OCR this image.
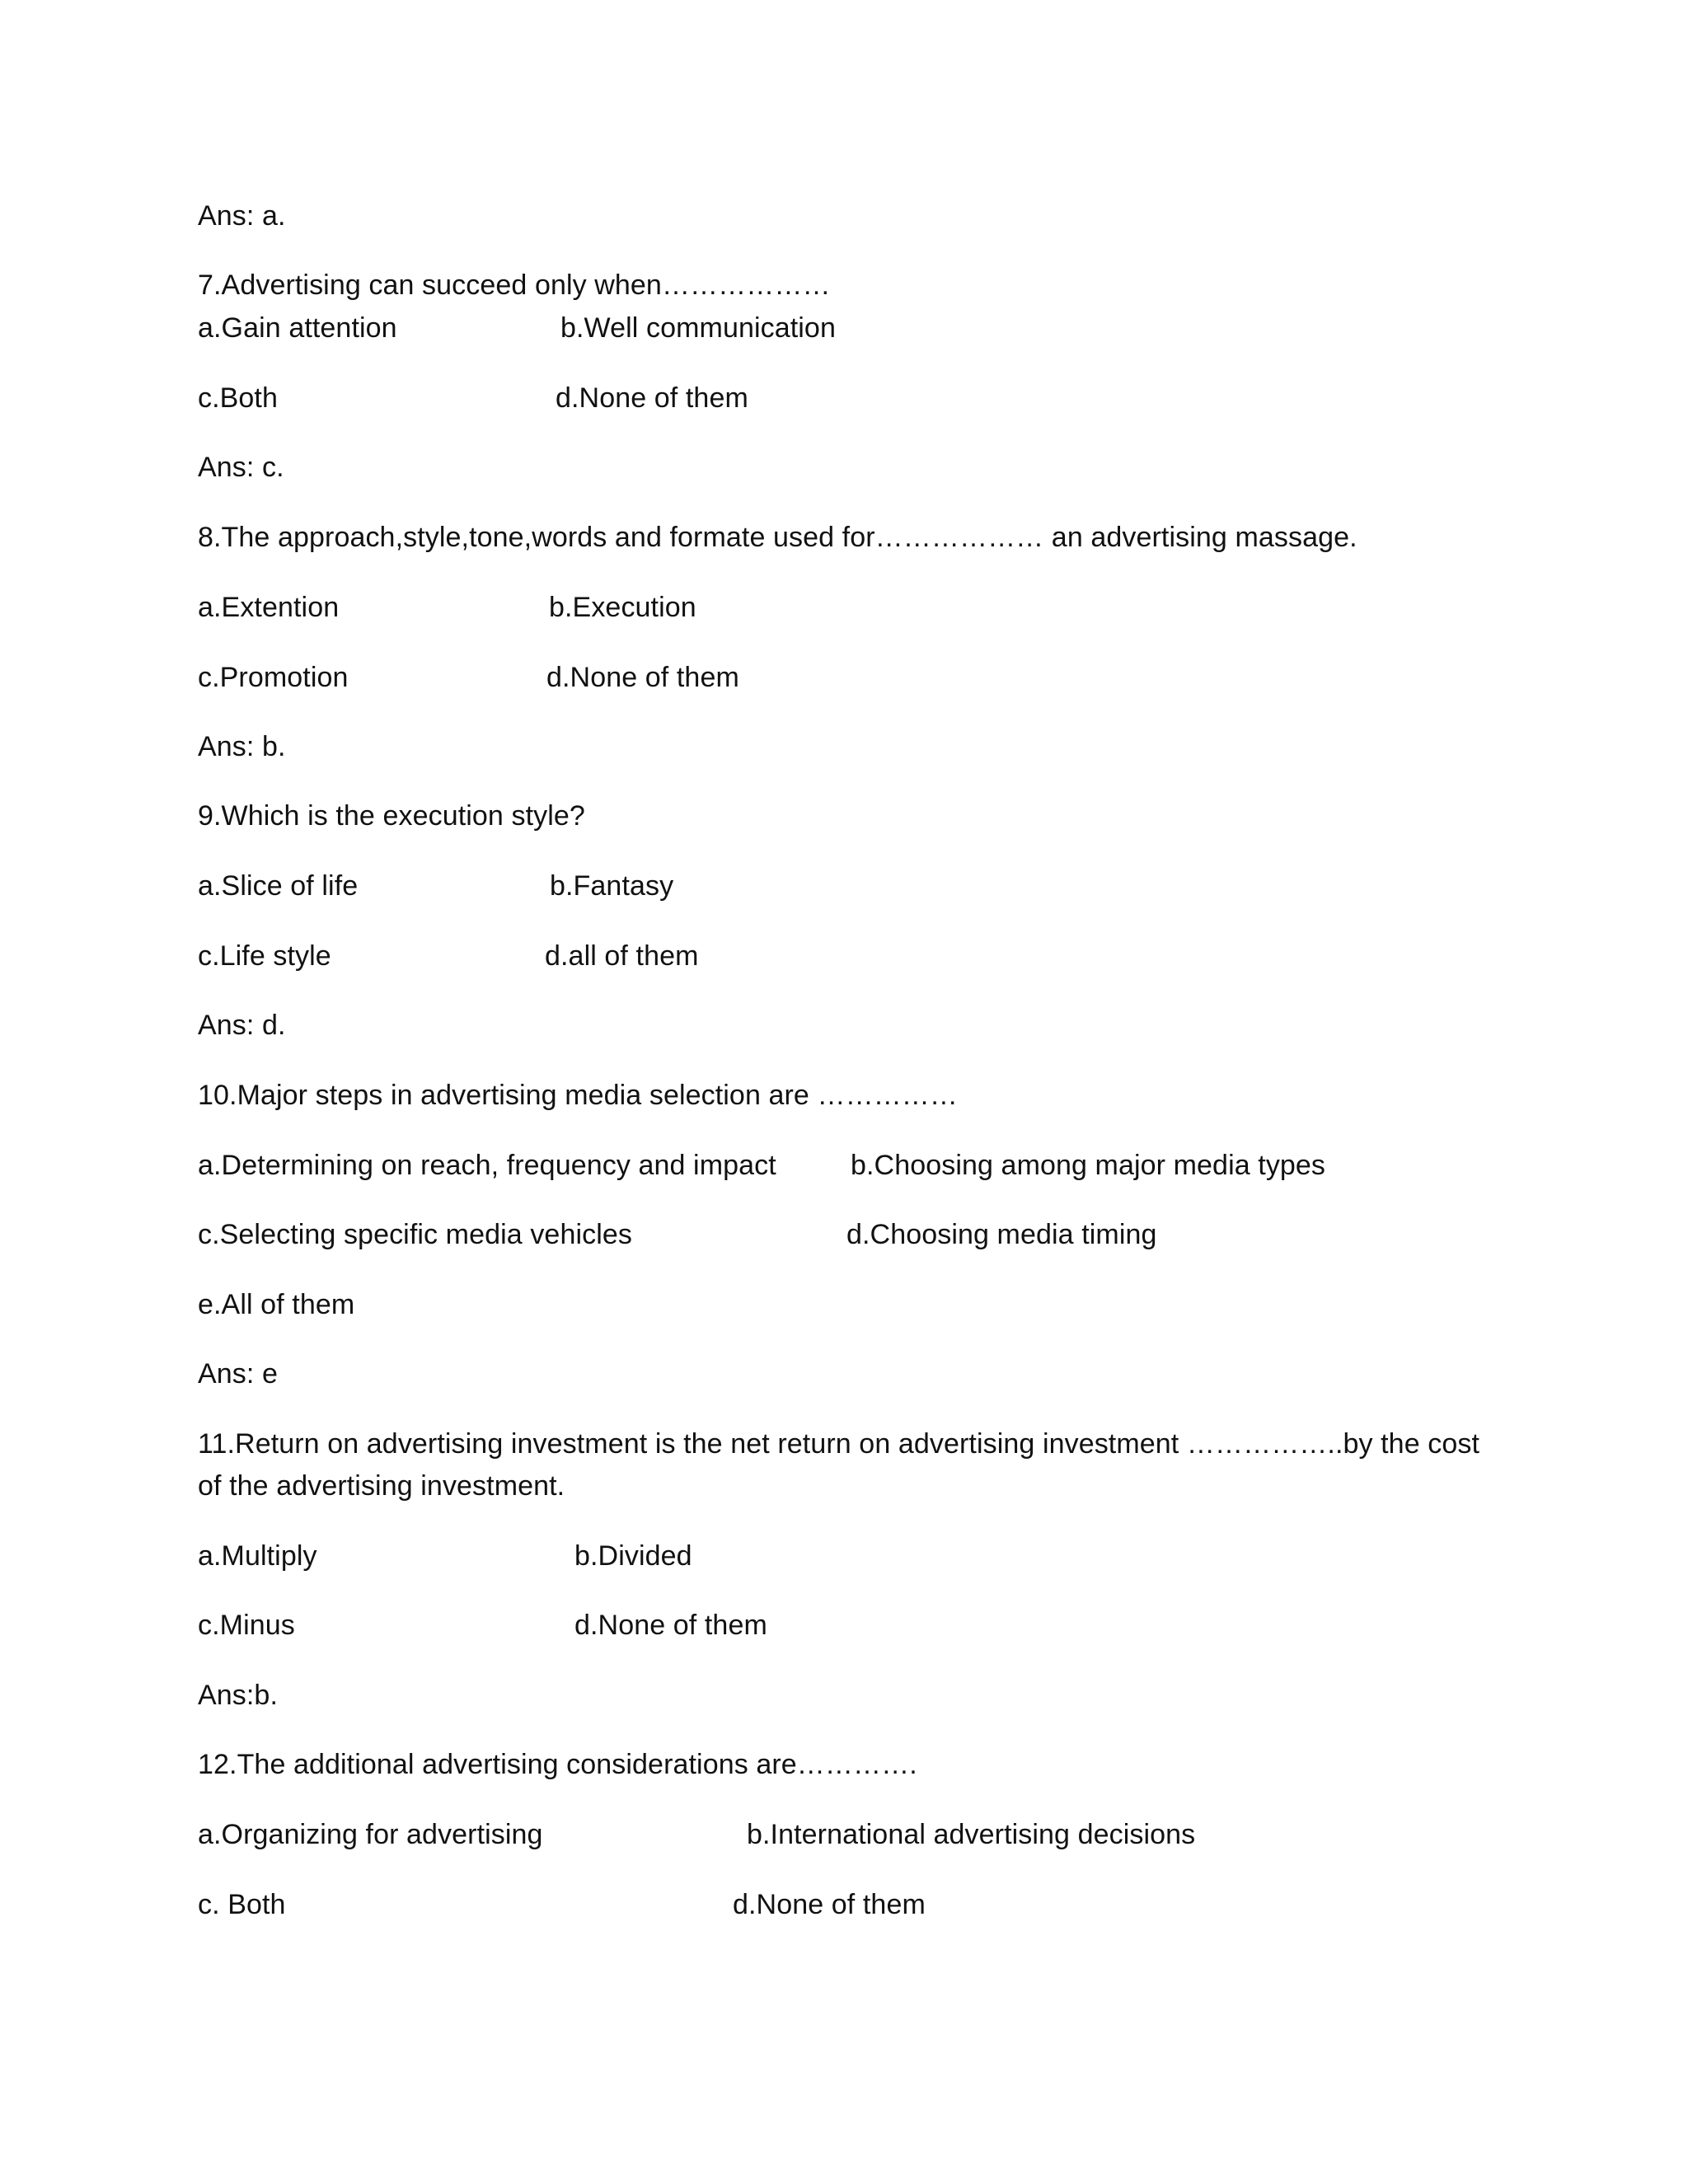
Ans: a.
7.Advertising can succeed only when………………
a.Gain attention	b.Well communication
c.Both	d.None of them
Ans: c.
8.The approach,style,tone,words and formate used for……………… an advertising massage.
a.Extention	b.Execution
c.Promotion	d.None of them
Ans: b.
9.Which is the execution style?
a.Slice of life	b.Fantasy
c.Life style	d.all of them
Ans: d.
10.Major steps in advertising media selection are ……………
a.Determining on reach, frequency and impact	b.Choosing among major media types
c.Selecting specific media vehicles	d.Choosing media timing
e.All of them
Ans: e
11.Return on advertising investment is the net return on advertising investment ……………..by the cost
of the advertising investment.
a.Multiply	b.Divided
c.Minus	d.None of them
Ans:b.
12.The additional advertising considerations are………….
a.Organizing for advertising	b.International advertising decisions
c. Both	d.None of them
